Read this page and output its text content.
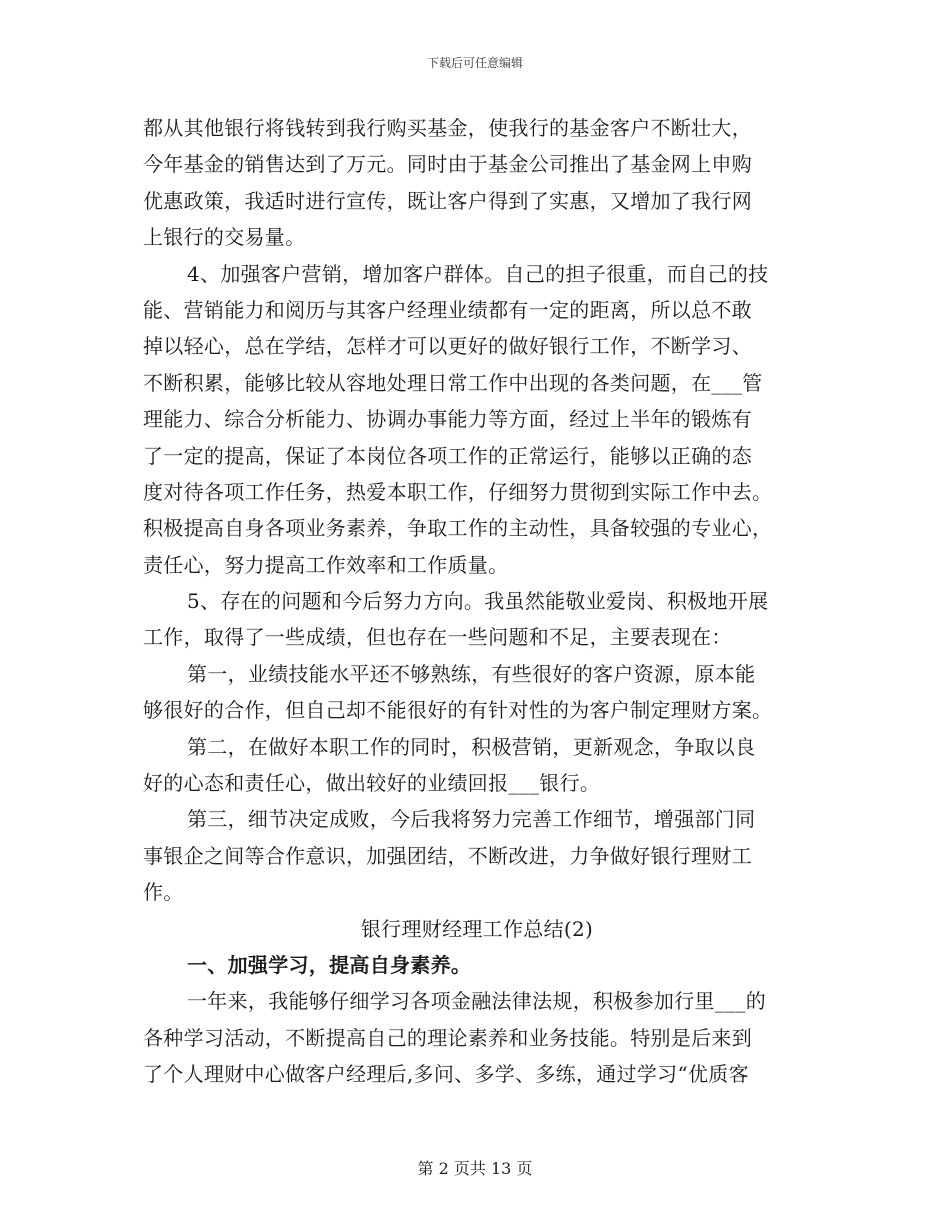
下载后可任意编辑
都从其他银行将钱转到我行购买基金，使我行的基金客户不断壮大，
今年基金的销售达到了万元。同时由于基金公司推出了基金网上申购
优惠政策，我适时进行宣传，既让客户得到了实惠，又增加了我行网
上银行的交易量。
4、加强客户营销，增加客户群体。自己的担子很重，而自己的技
能、营销能力和阅历与其客户经理业绩都有一定的距离，所以总不敢
掉以轻心，总在学结，怎样才可以更好的做好银行工作，不断学习、
不断积累，能够比较从容地处理日常工作中出现的各类问题，在___管
理能力、综合分析能力、协调办事能力等方面，经过上半年的锻炼有
了一定的提高，保证了本岗位各项工作的正常运行，能够以正确的态
度对待各项工作任务，热爱本职工作，仔细努力贯彻到实际工作中去。
积极提高自身各项业务素养，争取工作的主动性，具备较强的专业心，
责任心，努力提高工作效率和工作质量。
5、存在的问题和今后努力方向。我虽然能敬业爱岗、积极地开展
工作，取得了一些成绩，但也存在一些问题和不足，主要表现在：
第一，业绩技能水平还不够熟练，有些很好的客户资源，原本能
够很好的合作，但自己却不能很好的有针对性的为客户制定理财方案。
第二，在做好本职工作的同时，积极营销，更新观念，争取以良
好的心态和责任心，做出较好的业绩回报___银行。
第三，细节决定成败，今后我将努力完善工作细节，增强部门同
事银企之间等合作意识，加强团结，不断改进，力争做好银行理财工
作。
银行理财经理工作总结(2)
一、加强学习，提高自身素养。
一年来，我能够仔细学习各项金融法律法规，积极参加行里___的
各种学习活动，不断提高自己的理论素养和业务技能。特别是后来到
了个人理财中心做客户经理后,多问、多学、多练，通过学习“优质客
第 2 页共 13 页
